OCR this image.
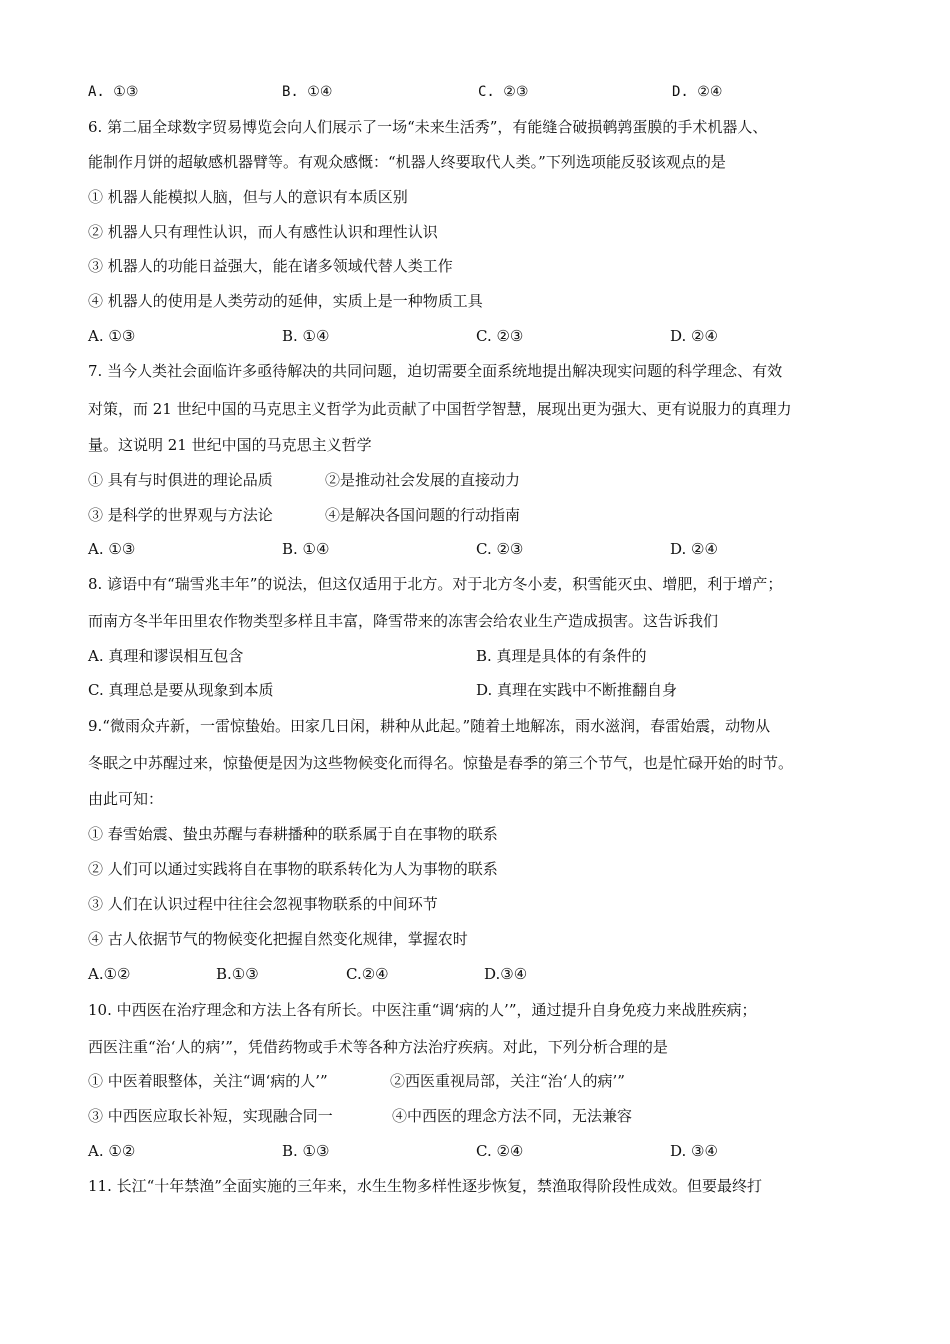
A. ①③	B. ①④	C. ②③	D. ②④
6. 第二届全球数字贸易博览会向人们展示了一场“未来生活秀”，有能缝合破损鹌鹑蛋膜的手术机器人、
能制作月饼的超敏感机器臂等。有观众感慨：“机器人终要取代人类。”下列选项能反驳该观点的是
① 机器人能模拟人脑，但与人的意识有本质区别
② 机器人只有理性认识，而人有感性认识和理性认识
③ 机器人的功能日益强大，能在诸多领域代替人类工作
④ 机器人的使用是人类劳动的延伸，实质上是一种物质工具
A. ①③	B. ①④	C. ②③	D. ②④
7. 当今人类社会面临许多亟待解决的共同问题，迫切需要全面系统地提出解决现实问题的科学理念、有效
对策，而 21 世纪中国的马克思主义哲学为此贡献了中国哲学智慧，展现出更为强大、更有说服力的真理力
量。这说明 21 世纪中国的马克思主义哲学
① 具有与时俱进的理论品质	②是推动社会发展的直接动力
③ 是科学的世界观与方法论	④是解决各国问题的行动指南
A. ①③	B. ①④	C. ②③	D. ②④
8. 谚语中有“瑞雪兆丰年”的说法，但这仅适用于北方。对于北方冬小麦，积雪能灭虫、增肥，利于增产；
而南方冬半年田里农作物类型多样且丰富，降雪带来的冻害会给农业生产造成损害。这告诉我们
A. 真理和谬误相互包含	B. 真理是具体的有条件的
C. 真理总是要从现象到本质	D. 真理在实践中不断推翻自身
9.“微雨众卉新，一雷惊蛰始。田家几日闲，耕种从此起。”随着土地解冻，雨水滋润，春雷始震，动物从
冬眠之中苏醒过来，惊蛰便是因为这些物候变化而得名。惊蛰是春季的第三个节气，也是忙碌开始的时节。
由此可知：
① 春雪始震、蛰虫苏醒与春耕播种的联系属于自在事物的联系
② 人们可以通过实践将自在事物的联系转化为人为事物的联系
③ 人们在认识过程中往往会忽视事物联系的中间环节
④ 古人依据节气的物候变化把握自然变化规律，掌握农时
A.①②	B.①③	C.②④	D.③④
10. 中西医在治疗理念和方法上各有所长。中医注重“调‘病的人’”，通过提升自身免疫力来战胜疾病；
西医注重“治‘人的病’”，凭借药物或手术等各种方法治疗疾病。对此，下列分析合理的是
① 中医着眼整体，关注“调‘病的人’”	②西医重视局部，关注“治‘人的病’”
③ 中西医应取长补短，实现融合同一	④中西医的理念方法不同，无法兼容
A. ①②	B. ①③	C. ②④	D. ③④
11. 长江“十年禁渔”全面实施的三年来，水生生物多样性逐步恢复，禁渔取得阶段性成效。但要最终打
